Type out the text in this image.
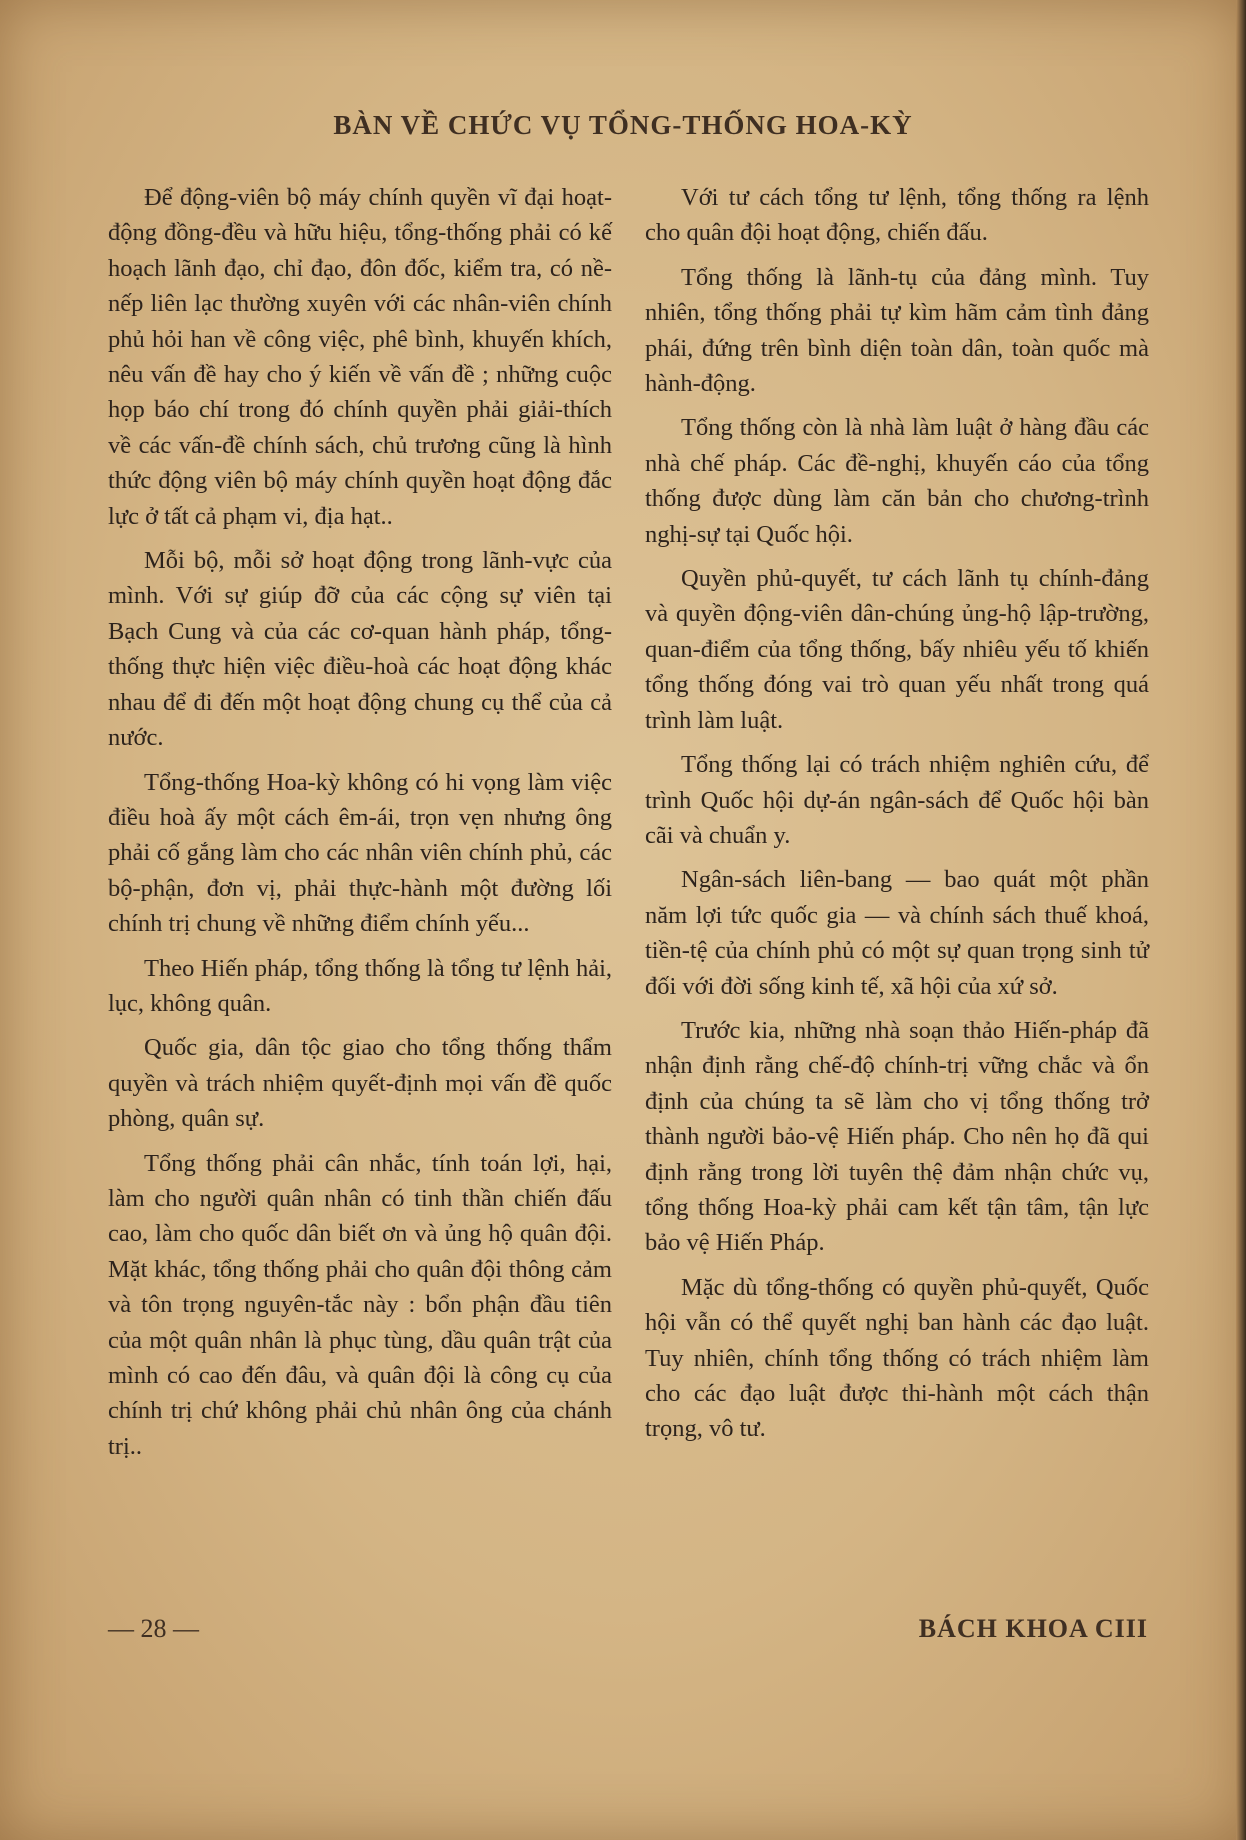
BÀN VỀ CHỨC VỤ TỔNG-THỐNG HOA-KỲ

Để động-viên bộ máy chính quyền vĩ đại hoạt-động đồng-đều và hữu hiệu, tổng-thống phải có kế hoạch lãnh đạo, chỉ đạo, đôn đốc, kiểm tra, có nề-nếp liên lạc thường xuyên với các nhân-viên chính phủ hỏi han về công việc, phê bình, khuyến khích, nêu vấn đề hay cho ý kiến về vấn đề ; những cuộc họp báo chí trong đó chính quyền phải giải-thích về các vấn-đề chính sách, chủ trương cũng là hình thức động viên bộ máy chính quyền hoạt động đắc lực ở tất cả phạm vi, địa hạt..

Mỗi bộ, mỗi sở hoạt động trong lãnh-vực của mình. Với sự giúp đỡ của các cộng sự viên tại Bạch Cung và của các cơ-quan hành pháp, tổng-thống thực hiện việc điều-hoà các hoạt động khác nhau để đi đến một hoạt động chung cụ thể của cả nước.

Tổng-thống Hoa-kỳ không có hi vọng làm việc điều hoà ấy một cách êm-ái, trọn vẹn nhưng ông phải cố gắng làm cho các nhân viên chính phủ, các bộ-phận, đơn vị, phải thực-hành một đường lối chính trị chung về những điểm chính yếu...

Theo Hiến pháp, tổng thống là tổng tư lệnh hải, lục, không quân.

Quốc gia, dân tộc giao cho tổng thống thẩm quyền và trách nhiệm quyết-định mọi vấn đề quốc phòng, quân sự.

Tổng thống phải cân nhắc, tính toán lợi, hại, làm cho người quân nhân có tinh thần chiến đấu cao, làm cho quốc dân biết ơn và ủng hộ quân đội. Mặt khác, tổng thống phải cho quân đội thông cảm và tôn trọng nguyên-tắc này : bổn phận đầu tiên của một quân nhân là phục tùng, dầu quân trật của mình có cao đến đâu, và quân đội là công cụ của chính trị chứ không phải chủ nhân ông của chánh trị..

Với tư cách tổng tư lệnh, tổng thống ra lệnh cho quân đội hoạt động, chiến đấu.

Tổng thống là lãnh-tụ của đảng mình. Tuy nhiên, tổng thống phải tự kìm hãm cảm tình đảng phái, đứng trên bình diện toàn dân, toàn quốc mà hành-động.

Tổng thống còn là nhà làm luật ở hàng đầu các nhà chế pháp. Các đề-nghị, khuyến cáo của tổng thống được dùng làm căn bản cho chương-trình nghị-sự tại Quốc hội.

Quyền phủ-quyết, tư cách lãnh tụ chính-đảng và quyền động-viên dân-chúng ủng-hộ lập-trường, quan-điểm của tổng thống, bấy nhiêu yếu tố khiến tổng thống đóng vai trò quan yếu nhất trong quá trình làm luật.

Tổng thống lại có trách nhiệm nghiên cứu, để trình Quốc hội dự-án ngân-sách để Quốc hội bàn cãi và chuẩn y.

Ngân-sách liên-bang — bao quát một phần năm lợi tức quốc gia — và chính sách thuế khoá, tiền-tệ của chính phủ có một sự quan trọng sinh tử đối với đời sống kinh tế, xã hội của xứ sở.

Trước kia, những nhà soạn thảo Hiến-pháp đã nhận định rằng chế-độ chính-trị vững chắc và ổn định của chúng ta sẽ làm cho vị tổng thống trở thành người bảo-vệ Hiến pháp. Cho nên họ đã qui định rằng trong lời tuyên thệ đảm nhận chức vụ, tổng thống Hoa-kỳ phải cam kết tận tâm, tận lực bảo vệ Hiến Pháp.

Mặc dù tổng-thống có quyền phủ-quyết, Quốc hội vẫn có thể quyết nghị ban hành các đạo luật. Tuy nhiên, chính tổng thống có trách nhiệm làm cho các đạo luật được thi-hành một cách thận trọng, vô tư.

— 28 —	BÁCH KHOA CIII
